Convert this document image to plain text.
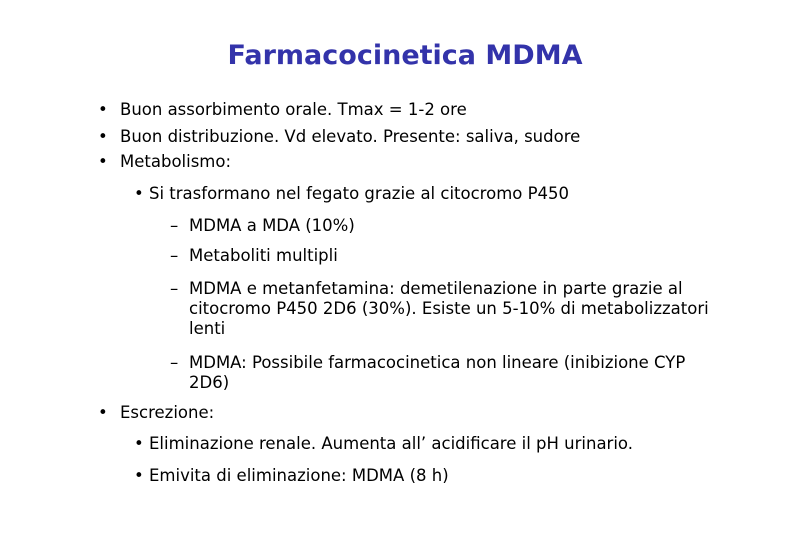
Farmacocinetica MDMA
• Buon assorbimento orale. Tmax = 1-2 ore
• Buon distribuzione. Vd elevato. Presente: saliva, sudore
• Metabolismo:
• Si trasformano nel fegato grazie al citocromo P450
– MDMA a MDA (10%)
– Metaboliti multipli
– MDMA e metanfetamina: demetilenazione in parte grazie al citocromo P450 2D6 (30%). Esiste un 5-10% di metabolizzatori lenti
– MDMA: Possibile farmacocinetica non lineare (inibizione CYP 2D6)
• Escrezione:
• Eliminazione renale. Aumenta all’ acidificare il pH urinario.
• Emivita di eliminazione: MDMA (8 h)
